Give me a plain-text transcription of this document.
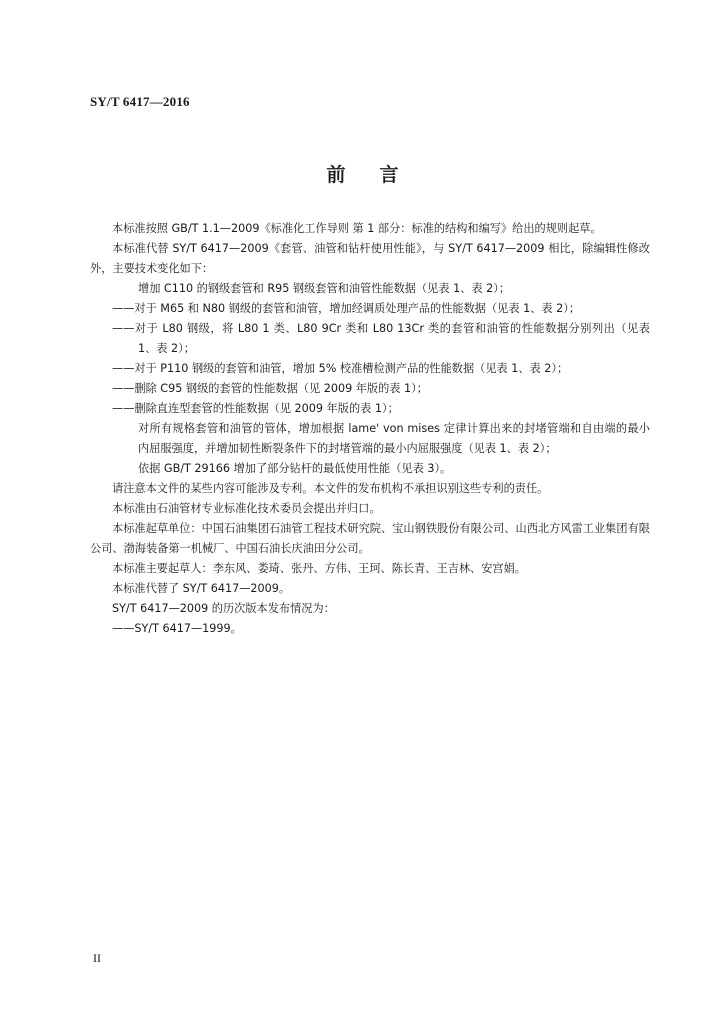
SY/T 6417—2016
前言

本标准按照 GB/T 1.1—2009《标准化工作导则 第 1 部分：标准的结构和编写》给出的规则起草。

本标准代替 SY/T 6417—2009《套管、油管和钻杆使用性能》，与 SY/T 6417—2009 相比，除编辑性修改外，主要技术变化如下：

增加 C110 的钢级套管和 R95 钢级套管和油管性能数据（见表 1、表 2）；

——对于 M65 和 N80 钢级的套管和油管，增加经调质处理产品的性能数据（见表 1、表 2）；

——对于 L80 钢级，将 L80 1 类、L80 9Cr 类和 L80 13Cr 类的套管和油管的性能数据分别列出（见表 1、表 2）；

——对于 P110 钢级的套管和油管，增加 5% 校准槽检测产品的性能数据（见表 1、表 2）；

——删除 C95 钢级的套管的性能数据（见 2009 年版的表 1）；

——删除直连型套管的性能数据（见 2009 年版的表 1）；

对所有规格套管和油管的管体，增加根据 lame' von mises 定律计算出来的封堵管端和自由端的最小内屈服强度，并增加韧性断裂条件下的封堵管端的最小内屈服强度（见表 1、表 2）；

依据 GB/T 29166 增加了部分钻杆的最低使用性能（见表 3）。

请注意本文件的某些内容可能涉及专利。本文件的发布机构不承担识别这些专利的责任。

本标准由石油管材专业标准化技术委员会提出并归口。

本标准起草单位：中国石油集团石油管工程技术研究院、宝山钢铁股份有限公司、山西北方风雷工业集团有限公司、渤海装备第一机械厂、中国石油长庆油田分公司。

本标准主要起草人：李东风、娄琦、张丹、方伟、王珂、陈长青、王吉林、安宫娟。

本标准代替了 SY/T 6417—2009。

SY/T 6417—2009 的历次版本发布情况为：

——SY/T 6417—1999。

II
